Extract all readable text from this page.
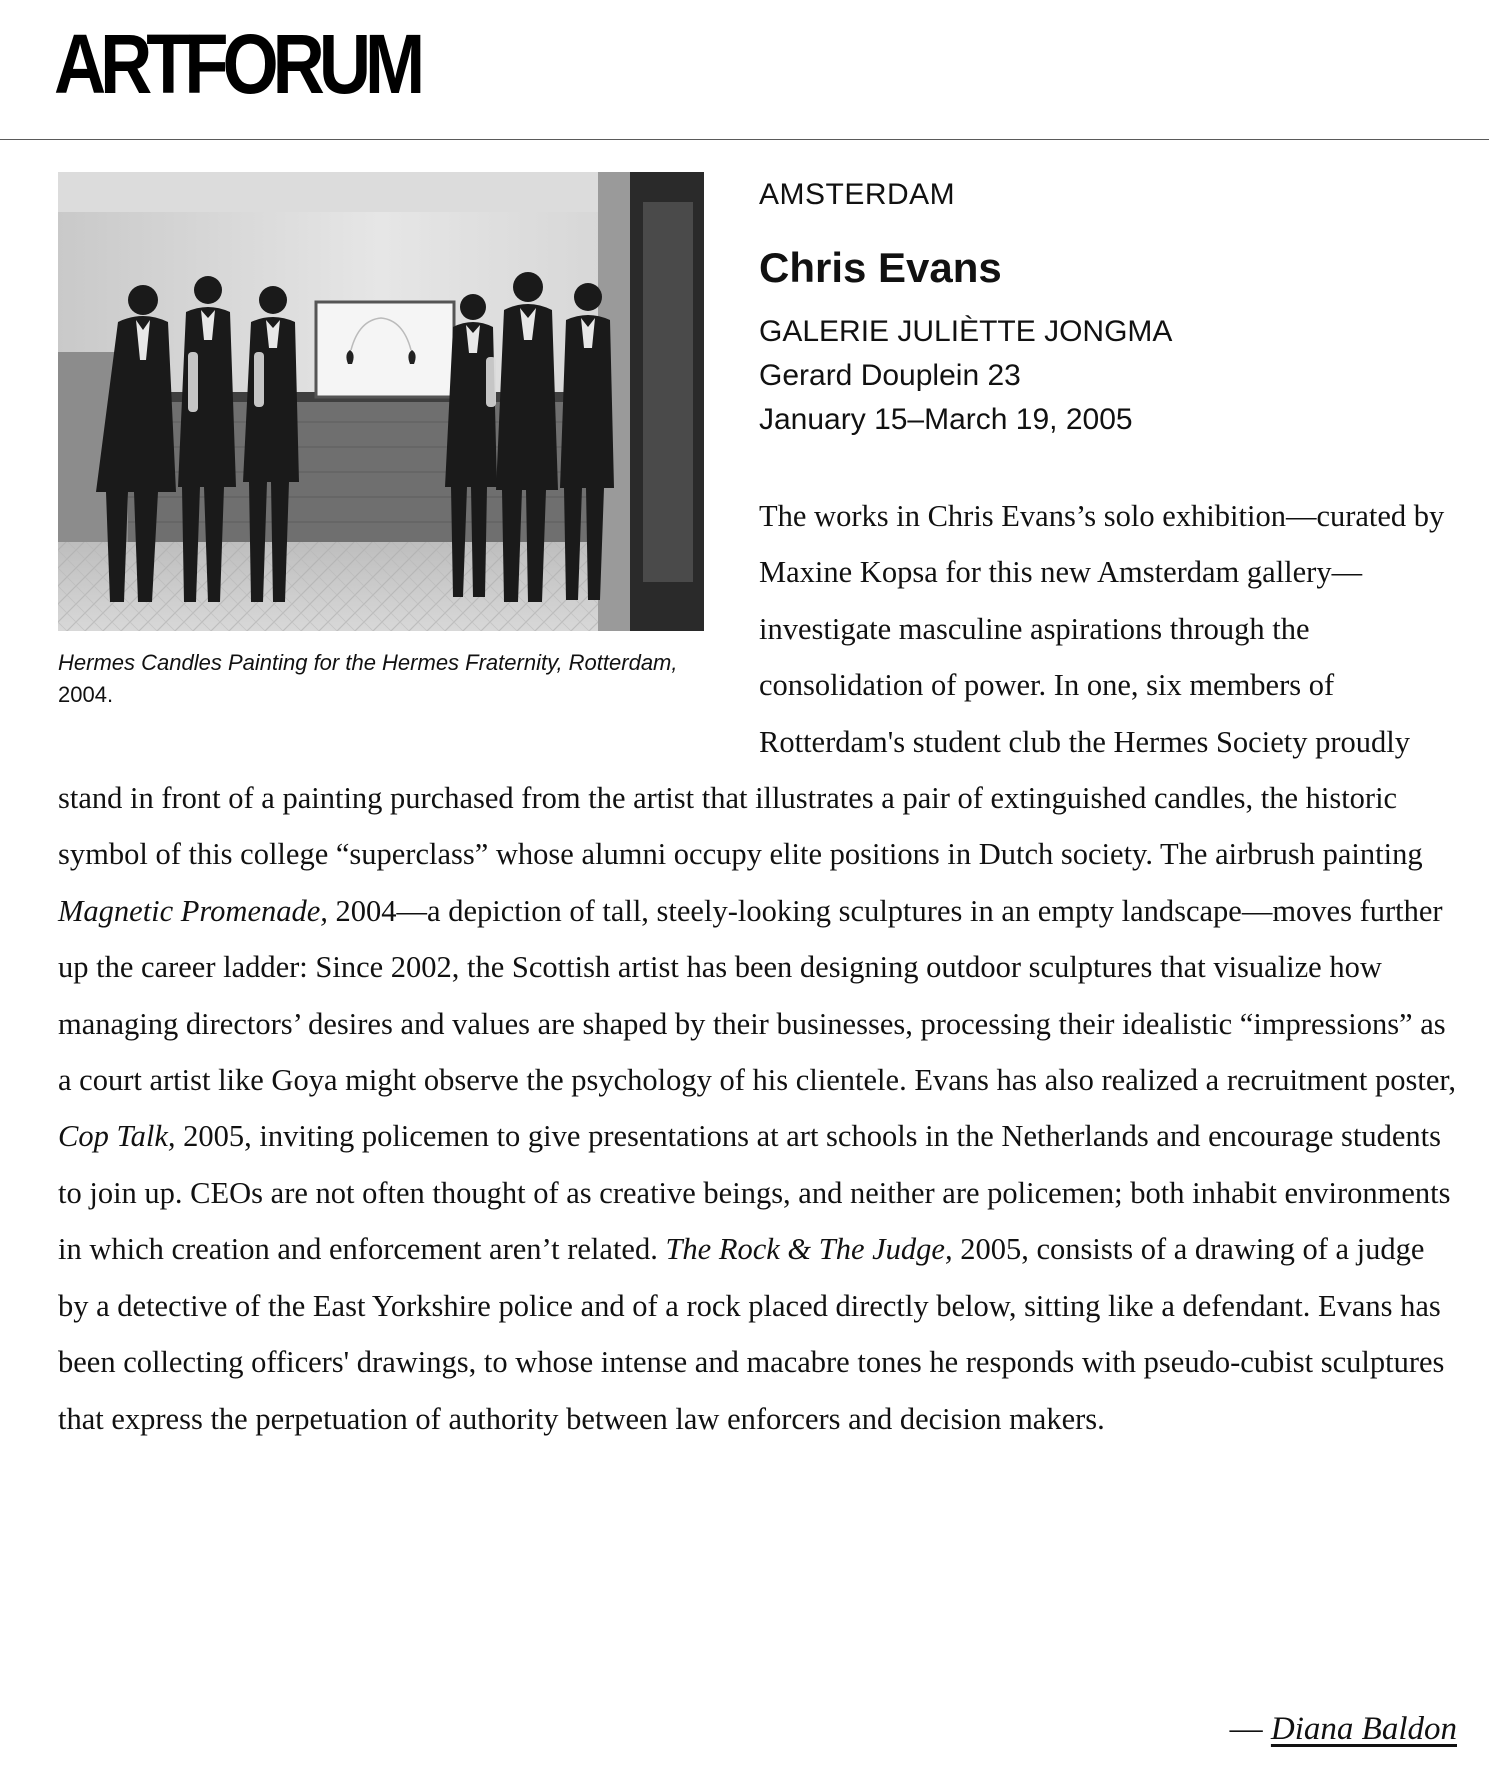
ARTFORUM
Hermes Candles Painting for the Hermes Fraternity, Rotterdam, 2004.
AMSTERDAM
Chris Evans
GALERIE JULIÈTTE JONGMA
Gerard Douplein 23
January 15–March 19, 2005

The works in Chris Evans’s solo exhibition—curated by Maxine Kopsa for this new Amsterdam gallery—investigate masculine aspirations through the consolidation of power. In one, six members of Rotterdam's student club the Hermes Society proudly stand in front of a painting purchased from the artist that illustrates a pair of extinguished candles, the historic symbol of this college “superclass” whose alumni occupy elite positions in Dutch society. The airbrush painting Magnetic Promenade, 2004—a depiction of tall, steely-looking sculptures in an empty landscape—moves further up the career ladder: Since 2002, the Scottish artist has been designing outdoor sculptures that visualize how managing directors’ desires and values are shaped by their businesses, processing their idealistic “impressions” as a court artist like Goya might observe the psychology of his clientele. Evans has also realized a recruitment poster, Cop Talk, 2005, inviting policemen to give presentations at art schools in the Netherlands and encourage students to join up. CEOs are not often thought of as creative beings, and neither are policemen; both inhabit environments in which creation and enforcement aren’t related. The Rock & The Judge, 2005, consists of a drawing of a judge by a detective of the East Yorkshire police and of a rock placed directly below, sitting like a defendant. Evans has been collecting officers' drawings, to whose intense and macabre tones he responds with pseudo-cubist sculptures that express the perpetuation of authority between law enforcers and decision makers.

— Diana Baldon
